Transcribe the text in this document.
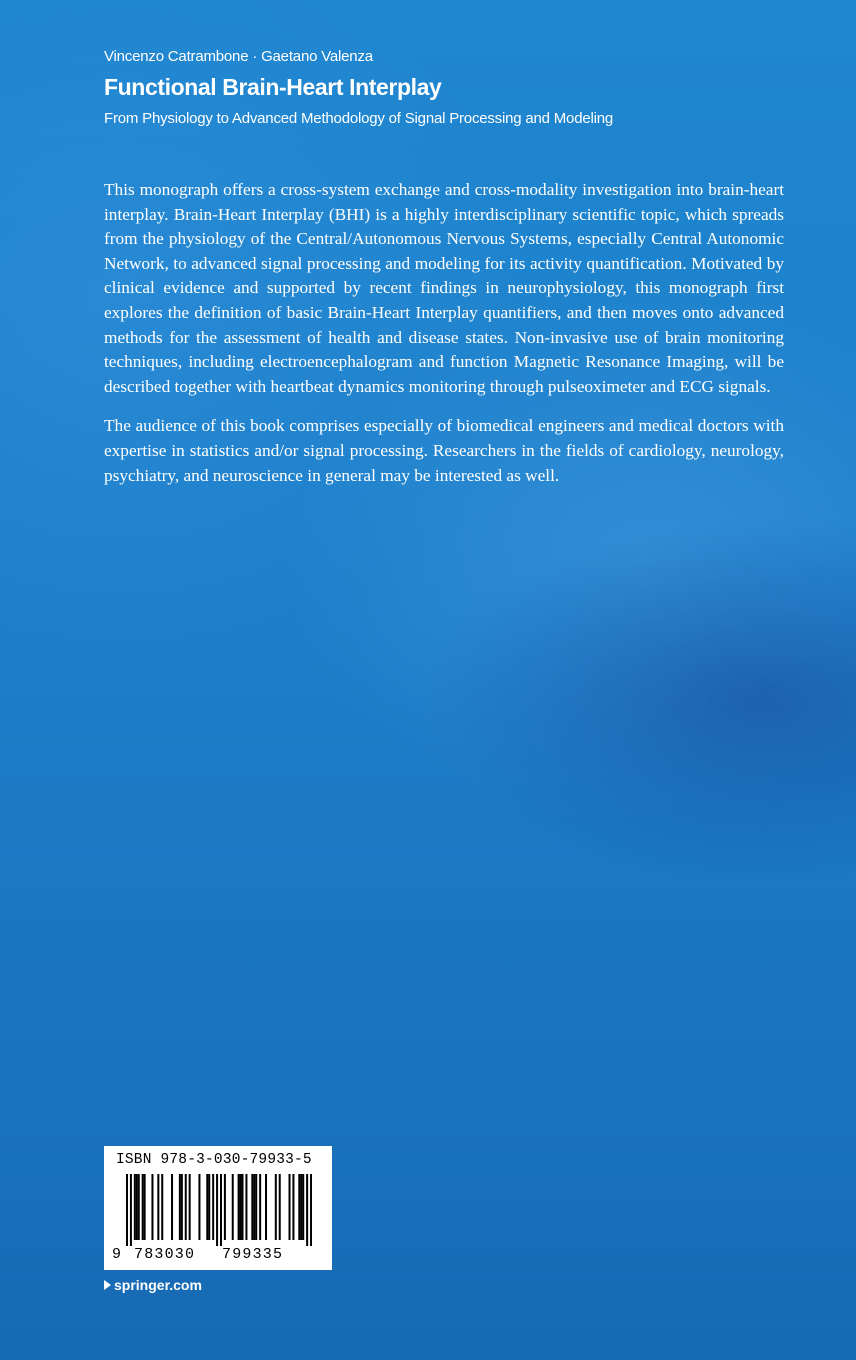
Vincenzo Catrambone · Gaetano Valenza
Functional Brain-Heart Interplay
From Physiology to Advanced Methodology of Signal Processing and Modeling

This monograph offers a cross-system exchange and cross-modality investigation into brain-heart interplay. Brain-Heart Interplay (BHI) is a highly interdisciplinary scientific topic, which spreads from the physiology of the Central/Autonomous Nervous Systems, especially Central Autonomic Network, to advanced signal processing and modeling for its activity quantification. Motivated by clinical evidence and supported by recent findings in neurophysiology, this monograph first explores the definition of basic Brain-Heart Interplay quantifiers, and then moves onto advanced methods for the assessment of health and disease states. Non-invasive use of brain monitoring techniques, including electroencephalogram and function Magnetic Resonance Imaging, will be described together with heartbeat dynamics monitoring through pulseoximeter and ECG signals.

The audience of this book comprises especially of biomedical engineers and medical doctors with expertise in statistics and/or signal processing. Researchers in the fields of cardiology, neurology, psychiatry, and neuroscience in general may be interested as well.

ISBN 978-3-030-79933-5
9 783030 799335
springer.com
